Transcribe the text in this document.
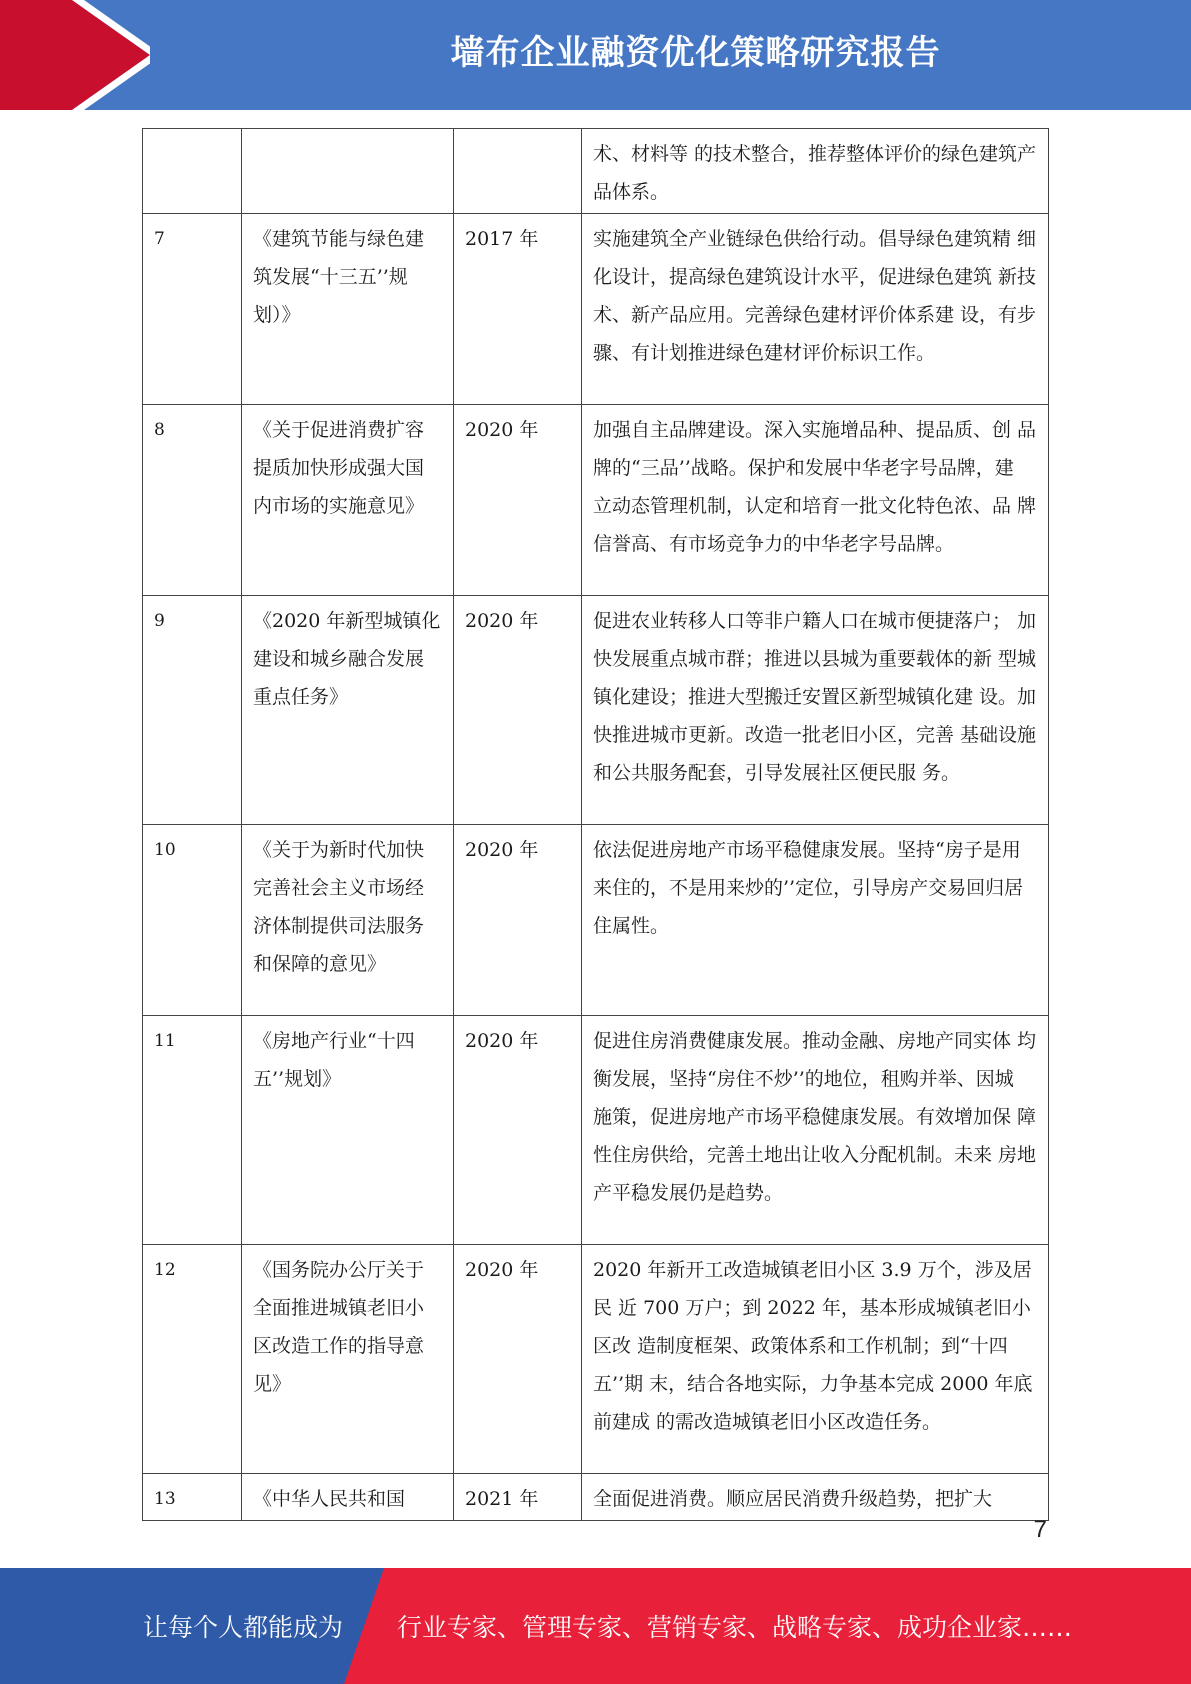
墙布企业融资优化策略研究报告
			术、材料等 的技术整合，推荐整体评价的绿色建筑产品体系。
7	《建筑节能与绿色建筑发展“十三五’’规 划）》	2017 年	实施建筑全产业链绿色供给行动。倡导绿色建筑精 细化设计，提高绿色建筑设计水平，促进绿色建筑 新技术、新产品应用。完善绿色建材评价体系建 设，有步骤、有计划推进绿色建材评价标识工作。
8	《关于促进消费扩容提质加快形成强大国内市场的实施意见》	2020 年	加强自主品牌建设。深入实施增品种、提品质、创 品牌的“三品’’战略。保护和发展中华老字号品牌，建 立动态管理机制，认定和培育一批文化特色浓、品 牌信誉高、有市场竞争力的中华老字号品牌。
9	《2020 年新型城镇化建设和城乡融合发展重点任务》	2020 年	促进农业转移人口等非户籍人口在城市便捷落户； 加快发展重点城市群；推进以县城为重要载体的新 型城镇化建设；推进大型搬迁安置区新型城镇化建 设。加快推进城市更新。改造一批老旧小区，完善 基础设施和公共服务配套，引导发展社区便民服 务。
10	《关于为新时代加快完善社会主义市场经济体制提供司法服务和保障的意见》	2020 年	依法促进房地产市场平稳健康发展。坚持“房子是用 来住的，不是用来炒的’’定位，引导房产交易回归居 住属性。
11	《房地产行业“十四五’’规划》	2020 年	促进住房消费健康发展。推动金融、房地产同实体 均衡发展，坚持“房住不炒’’的地位，租购并举、因城 施策，促进房地产市场平稳健康发展。有效增加保 障性住房供给，完善土地出让收入分配机制。未来 房地产平稳发展仍是趋势。
12	《国务院办公厅关于全面推进城镇老旧小区改造工作的指导意见》	2020 年	2020 年新开工改造城镇老旧小区 3.9 万个，涉及居民 近 700 万户；到 2022 年，基本形成城镇老旧小区改 造制度框架、政策体系和工作机制；到“十四五’’期 末，结合各地实际，力争基本完成 2000 年底前建成 的需改造城镇老旧小区改造任务。
13	《中华人民共和国	2021 年	全面促进消费。顺应居民消费升级趋势，把扩大
7
让每个人都能成为 行业专家、管理专家、营销专家、战略专家、成功企业家……
